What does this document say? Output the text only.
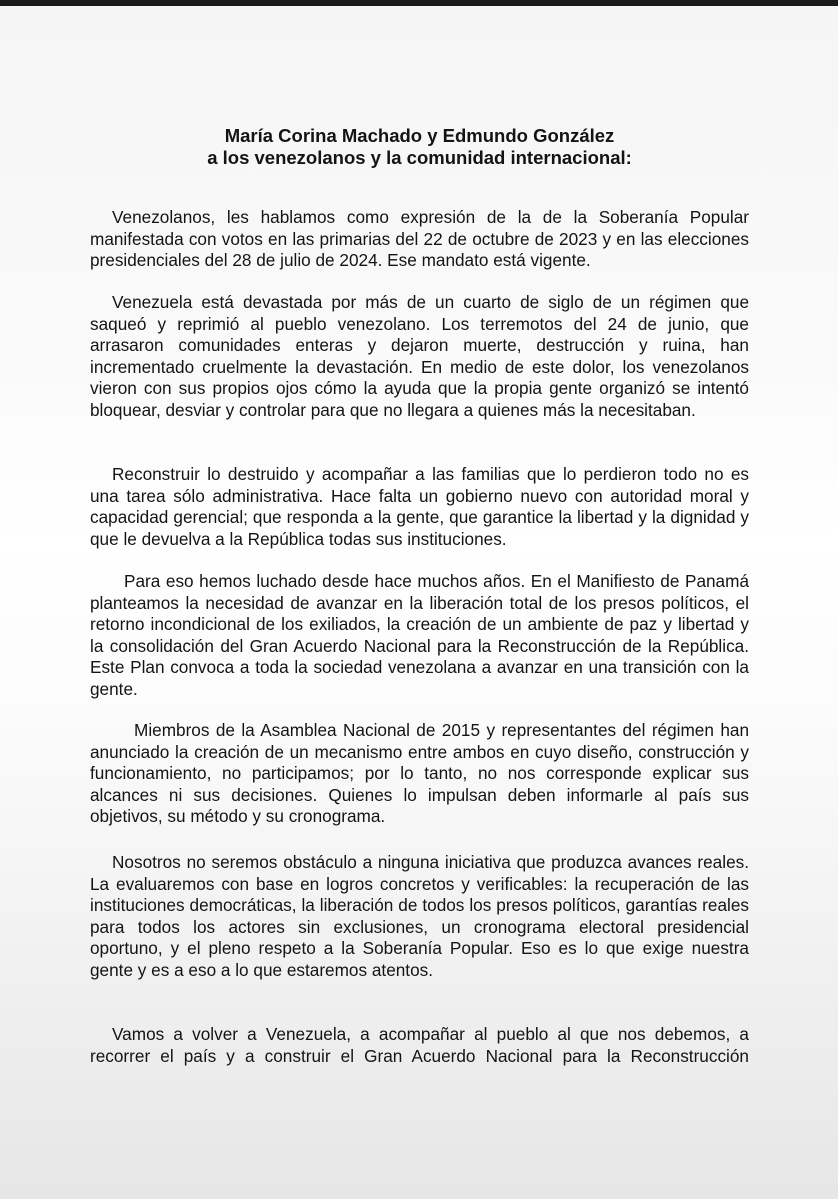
María Corina Machado y Edmundo González

a los venezolanos y la comunidad internacional:

Venezolanos, les hablamos como expresión de la de la Soberanía Popular manifestada con votos en las primarias del 22 de octubre de 2023 y en las elecciones presidenciales del 28 de julio de 2024. Ese mandato está vigente.

Venezuela está devastada por más de un cuarto de siglo de un régimen que saqueó y reprimió al pueblo venezolano. Los terremotos del 24 de junio, que arrasaron comunidades enteras y dejaron muerte, destrucción y ruina, han incrementado cruelmente la devastación. En medio de este dolor, los venezolanos vieron con sus propios ojos cómo la ayuda que la propia gente organizó se intentó bloquear, desviar y controlar para que no llegara a quienes más la necesitaban.

Reconstruir lo destruido y acompañar a las familias que lo perdieron todo no es una tarea sólo administrativa. Hace falta un gobierno nuevo con autoridad moral y capacidad gerencial; que responda a la gente, que garantice la libertad y la dignidad y que le devuelva a la República todas sus instituciones.

Para eso hemos luchado desde hace muchos años. En el Manifiesto de Panamá planteamos la necesidad de avanzar en la liberación total de los presos políticos, el retorno incondicional de los exiliados, la creación de un ambiente de paz y libertad y la consolidación del Gran Acuerdo Nacional para la Reconstrucción de la República. Este Plan convoca a toda la sociedad venezolana a avanzar en una transición con la gente.

Miembros de la Asamblea Nacional de 2015 y representantes del régimen han anunciado la creación de un mecanismo entre ambos en cuyo diseño, construcción y funcionamiento, no participamos; por lo tanto, no nos corresponde explicar sus alcances ni sus decisiones. Quienes lo impulsan deben informarle al país sus objetivos, su método y su cronograma.

Nosotros no seremos obstáculo a ninguna iniciativa que produzca avances reales. La evaluaremos con base en logros concretos y verificables: la recuperación de las instituciones democráticas, la liberación de todos los presos políticos, garantías reales para todos los actores sin exclusiones, un cronograma electoral presidencial oportuno, y el pleno respeto a la Soberanía Popular. Eso es lo que exige nuestra gente y es a eso a lo que estaremos atentos.

Vamos a volver a Venezuela, a acompañar al pueblo al que nos debemos, a recorrer el país y a construir el Gran Acuerdo Nacional para la Reconstrucción
